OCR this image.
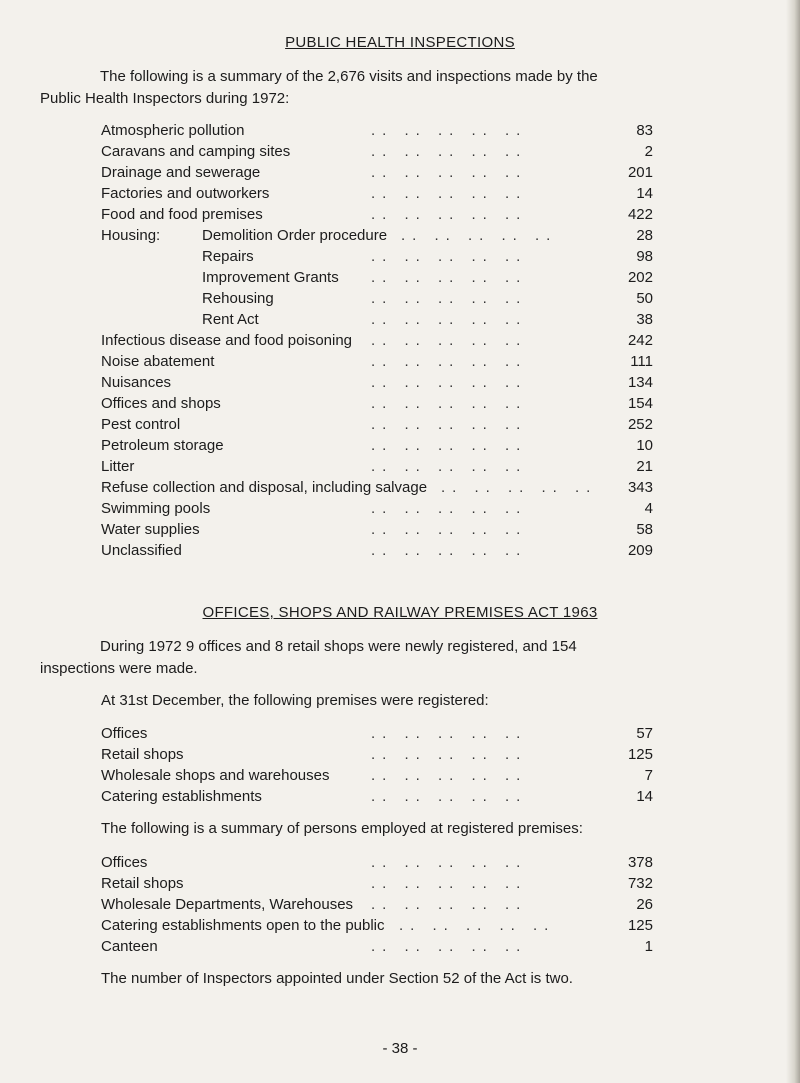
PUBLIC HEALTH INSPECTIONS

The following is a summary of the 2,676 visits and inspections made by the
Public Health Inspectors during 1972:

Atmospheric pollution	83
.. .. .. .. ..
Caravans and camping sites	2
.. .. .. .. ..
Drainage and sewerage	201
.. .. .. .. ..
Factories and outworkers	14
.. .. .. .. ..
Food and food premises	422
.. .. .. .. ..
Housing:	Demolition Order procedure	28
.. .. .. .. ..
Repairs	98
.. .. .. .. ..
Improvement Grants	202
.. .. .. .. ..
Rehousing	50
.. .. .. .. ..
Rent Act	38
.. .. .. .. ..
Infectious disease and food poisoning	242
.. .. .. .. ..
Noise abatement	111
.. .. .. .. ..
Nuisances	134
.. .. .. .. ..
Offices and shops	154
.. .. .. .. ..
Pest control	252
.. .. .. .. ..
Petroleum storage	10
.. .. .. .. ..
Litter	21
.. .. .. .. ..
Refuse collection and disposal, including salvage	343
.. .. .. .. ..
Swimming pools	4
.. .. .. .. ..
Water supplies	58
.. .. .. .. ..
Unclassified	209
.. .. .. .. ..
OFFICES, SHOPS AND RAILWAY PREMISES ACT 1963

During 1972 9 offices and 8 retail shops were newly registered, and 154
inspections were made.

At 31st December, the following premises were registered:
Offices	57
.. .. .. .. ..
Retail shops	125
.. .. .. .. ..
Wholesale shops and warehouses	7
.. .. .. .. ..
Catering establishments	14
.. .. .. .. ..
The following is a summary of persons employed at registered premises:
Offices	378
.. .. .. .. ..
Retail shops	732
.. .. .. .. ..
Wholesale Departments, Warehouses	26
.. .. .. .. ..
Catering establishments open to the public	125
.. .. .. .. ..
Canteen	1
.. .. .. .. ..
The number of Inspectors appointed under Section 52 of the Act is two.
- 38 -
